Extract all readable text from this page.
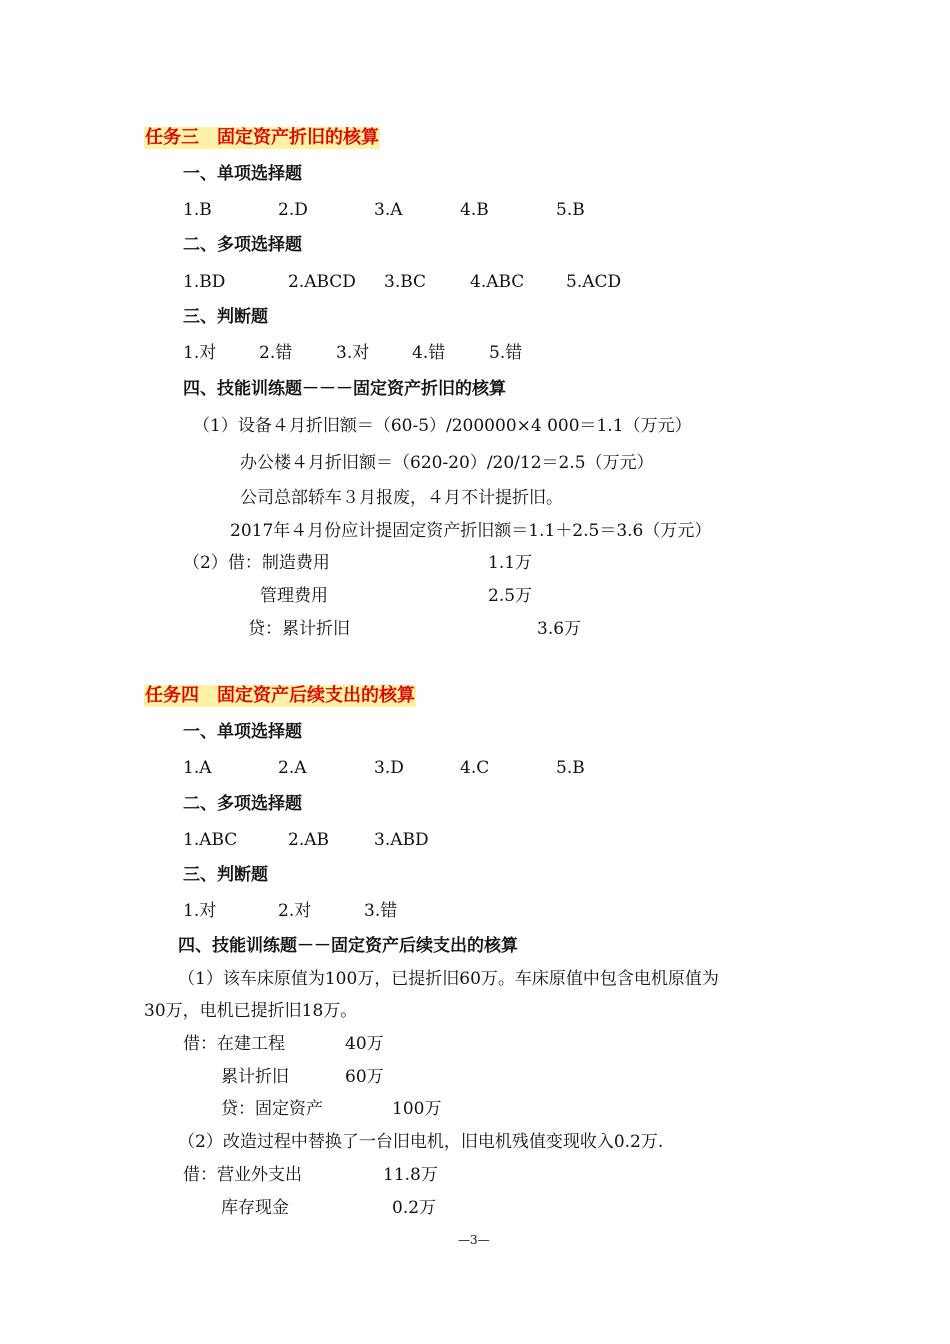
任务三　固定资产折旧的核算
一、单项选择题
1.B	2.D	3.A	4.B	5.B
二、多项选择题
1.BD	2.ABCD 3.BC	4.ABC 5.ACD
三、判断题
1.对	2.错	3.对	4.错	5.错
四、技能训练题－－－固定资产折旧的核算
（1）设备４月折旧额＝（60-5）/200000×4 000＝1.1（万元）
办公楼４月折旧额＝（620-20）/20/12＝2.5（万元）
公司总部轿车３月报废，４月不计提折旧。
2017年４月份应计提固定资产折旧额＝1.1＋2.5＝3.6（万元）
（2）借：制造费用	1.1万
管理费用	2.5万
贷：累计折旧	3.6万
任务四　固定资产后续支出的核算
一、单项选择题
1.A	2.A	3.D	4.C	5.B
二、多项选择题
1.ABC	2.AB	3.ABD
三、判断题
1.对	2.对	3.错
四、技能训练题－－固定资产后续支出的核算
（1）该车床原值为100万，已提折旧60万。车床原值中包含电机原值为
30万，电机已提折旧18万。
借：在建工程	40万
累计折旧	60万
贷：固定资产	100万
（2）改造过程中替换了一台旧电机，旧电机残值变现收入0.2万.
借：营业外支出	11.8万
库存现金	0.2万
—3—
